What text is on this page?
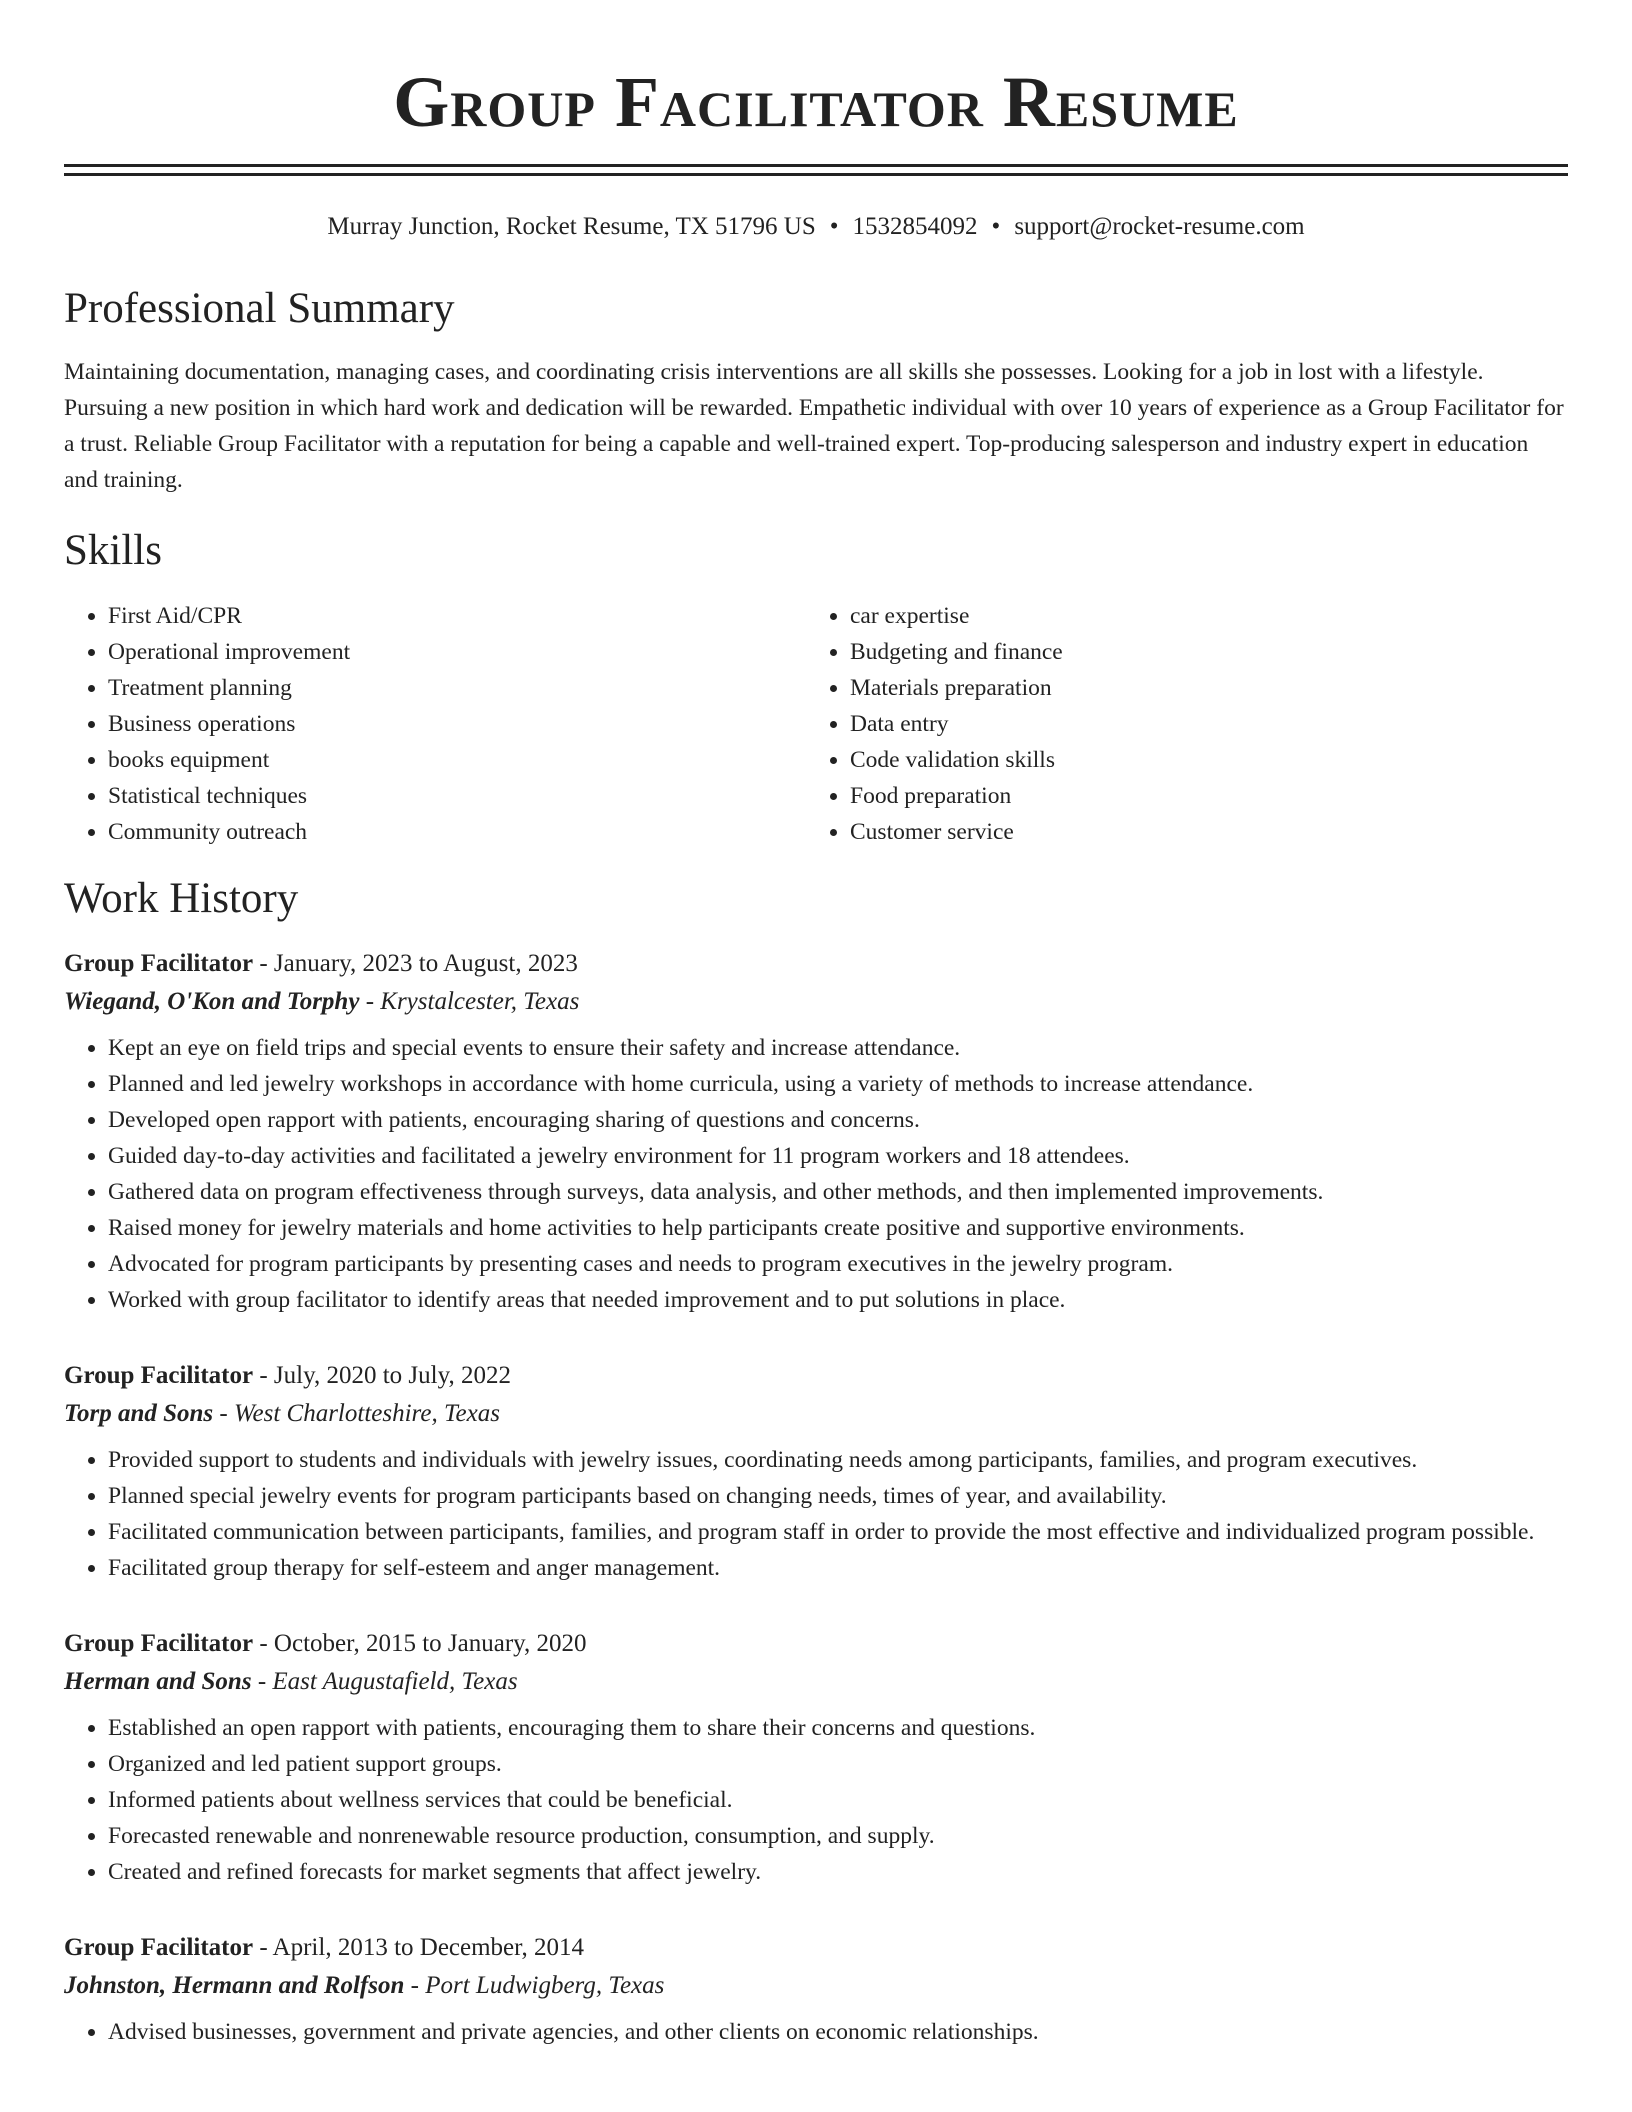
Group Facilitator Resume
Murray Junction, Rocket Resume, TX 51796 US • 1532854092 • support@rocket-resume.com
Professional Summary

Maintaining documentation, managing cases, and coordinating crisis interventions are all skills she possesses. Looking for a job in lost with a lifestyle. Pursuing a new position in which hard work and dedication will be rewarded. Empathetic individual with over 10 years of experience as a Group Facilitator for a trust. Reliable Group Facilitator with a reputation for being a capable and well-trained expert. Top-producing salesperson and industry expert in education and training.

Skills
• First Aid/CPR
• Operational improvement
• Treatment planning
• Business operations
• books equipment
• Statistical techniques
• Community outreach
• car expertise
• Budgeting and finance
• Materials preparation
• Data entry
• Code validation skills
• Food preparation
• Customer service
Work History
Group Facilitator - January, 2023 to August, 2023
Wiegand, O'Kon and Torphy - Krystalcester, Texas
• Kept an eye on field trips and special events to ensure their safety and increase attendance.
• Planned and led jewelry workshops in accordance with home curricula, using a variety of methods to increase attendance.
• Developed open rapport with patients, encouraging sharing of questions and concerns.
• Guided day-to-day activities and facilitated a jewelry environment for 11 program workers and 18 attendees.
• Gathered data on program effectiveness through surveys, data analysis, and other methods, and then implemented improvements.
• Raised money for jewelry materials and home activities to help participants create positive and supportive environments.
• Advocated for program participants by presenting cases and needs to program executives in the jewelry program.
• Worked with group facilitator to identify areas that needed improvement and to put solutions in place.
Group Facilitator - July, 2020 to July, 2022
Torp and Sons - West Charlotteshire, Texas
• Provided support to students and individuals with jewelry issues, coordinating needs among participants, families, and program executives.
• Planned special jewelry events for program participants based on changing needs, times of year, and availability.
• Facilitated communication between participants, families, and program staff in order to provide the most effective and individualized program possible.
• Facilitated group therapy for self-esteem and anger management.
Group Facilitator - October, 2015 to January, 2020
Herman and Sons - East Augustafield, Texas
• Established an open rapport with patients, encouraging them to share their concerns and questions.
• Organized and led patient support groups.
• Informed patients about wellness services that could be beneficial.
• Forecasted renewable and nonrenewable resource production, consumption, and supply.
• Created and refined forecasts for market segments that affect jewelry.
Group Facilitator - April, 2013 to December, 2014
Johnston, Hermann and Rolfson - Port Ludwigberg, Texas
• Advised businesses, government and private agencies, and other clients on economic relationships.
